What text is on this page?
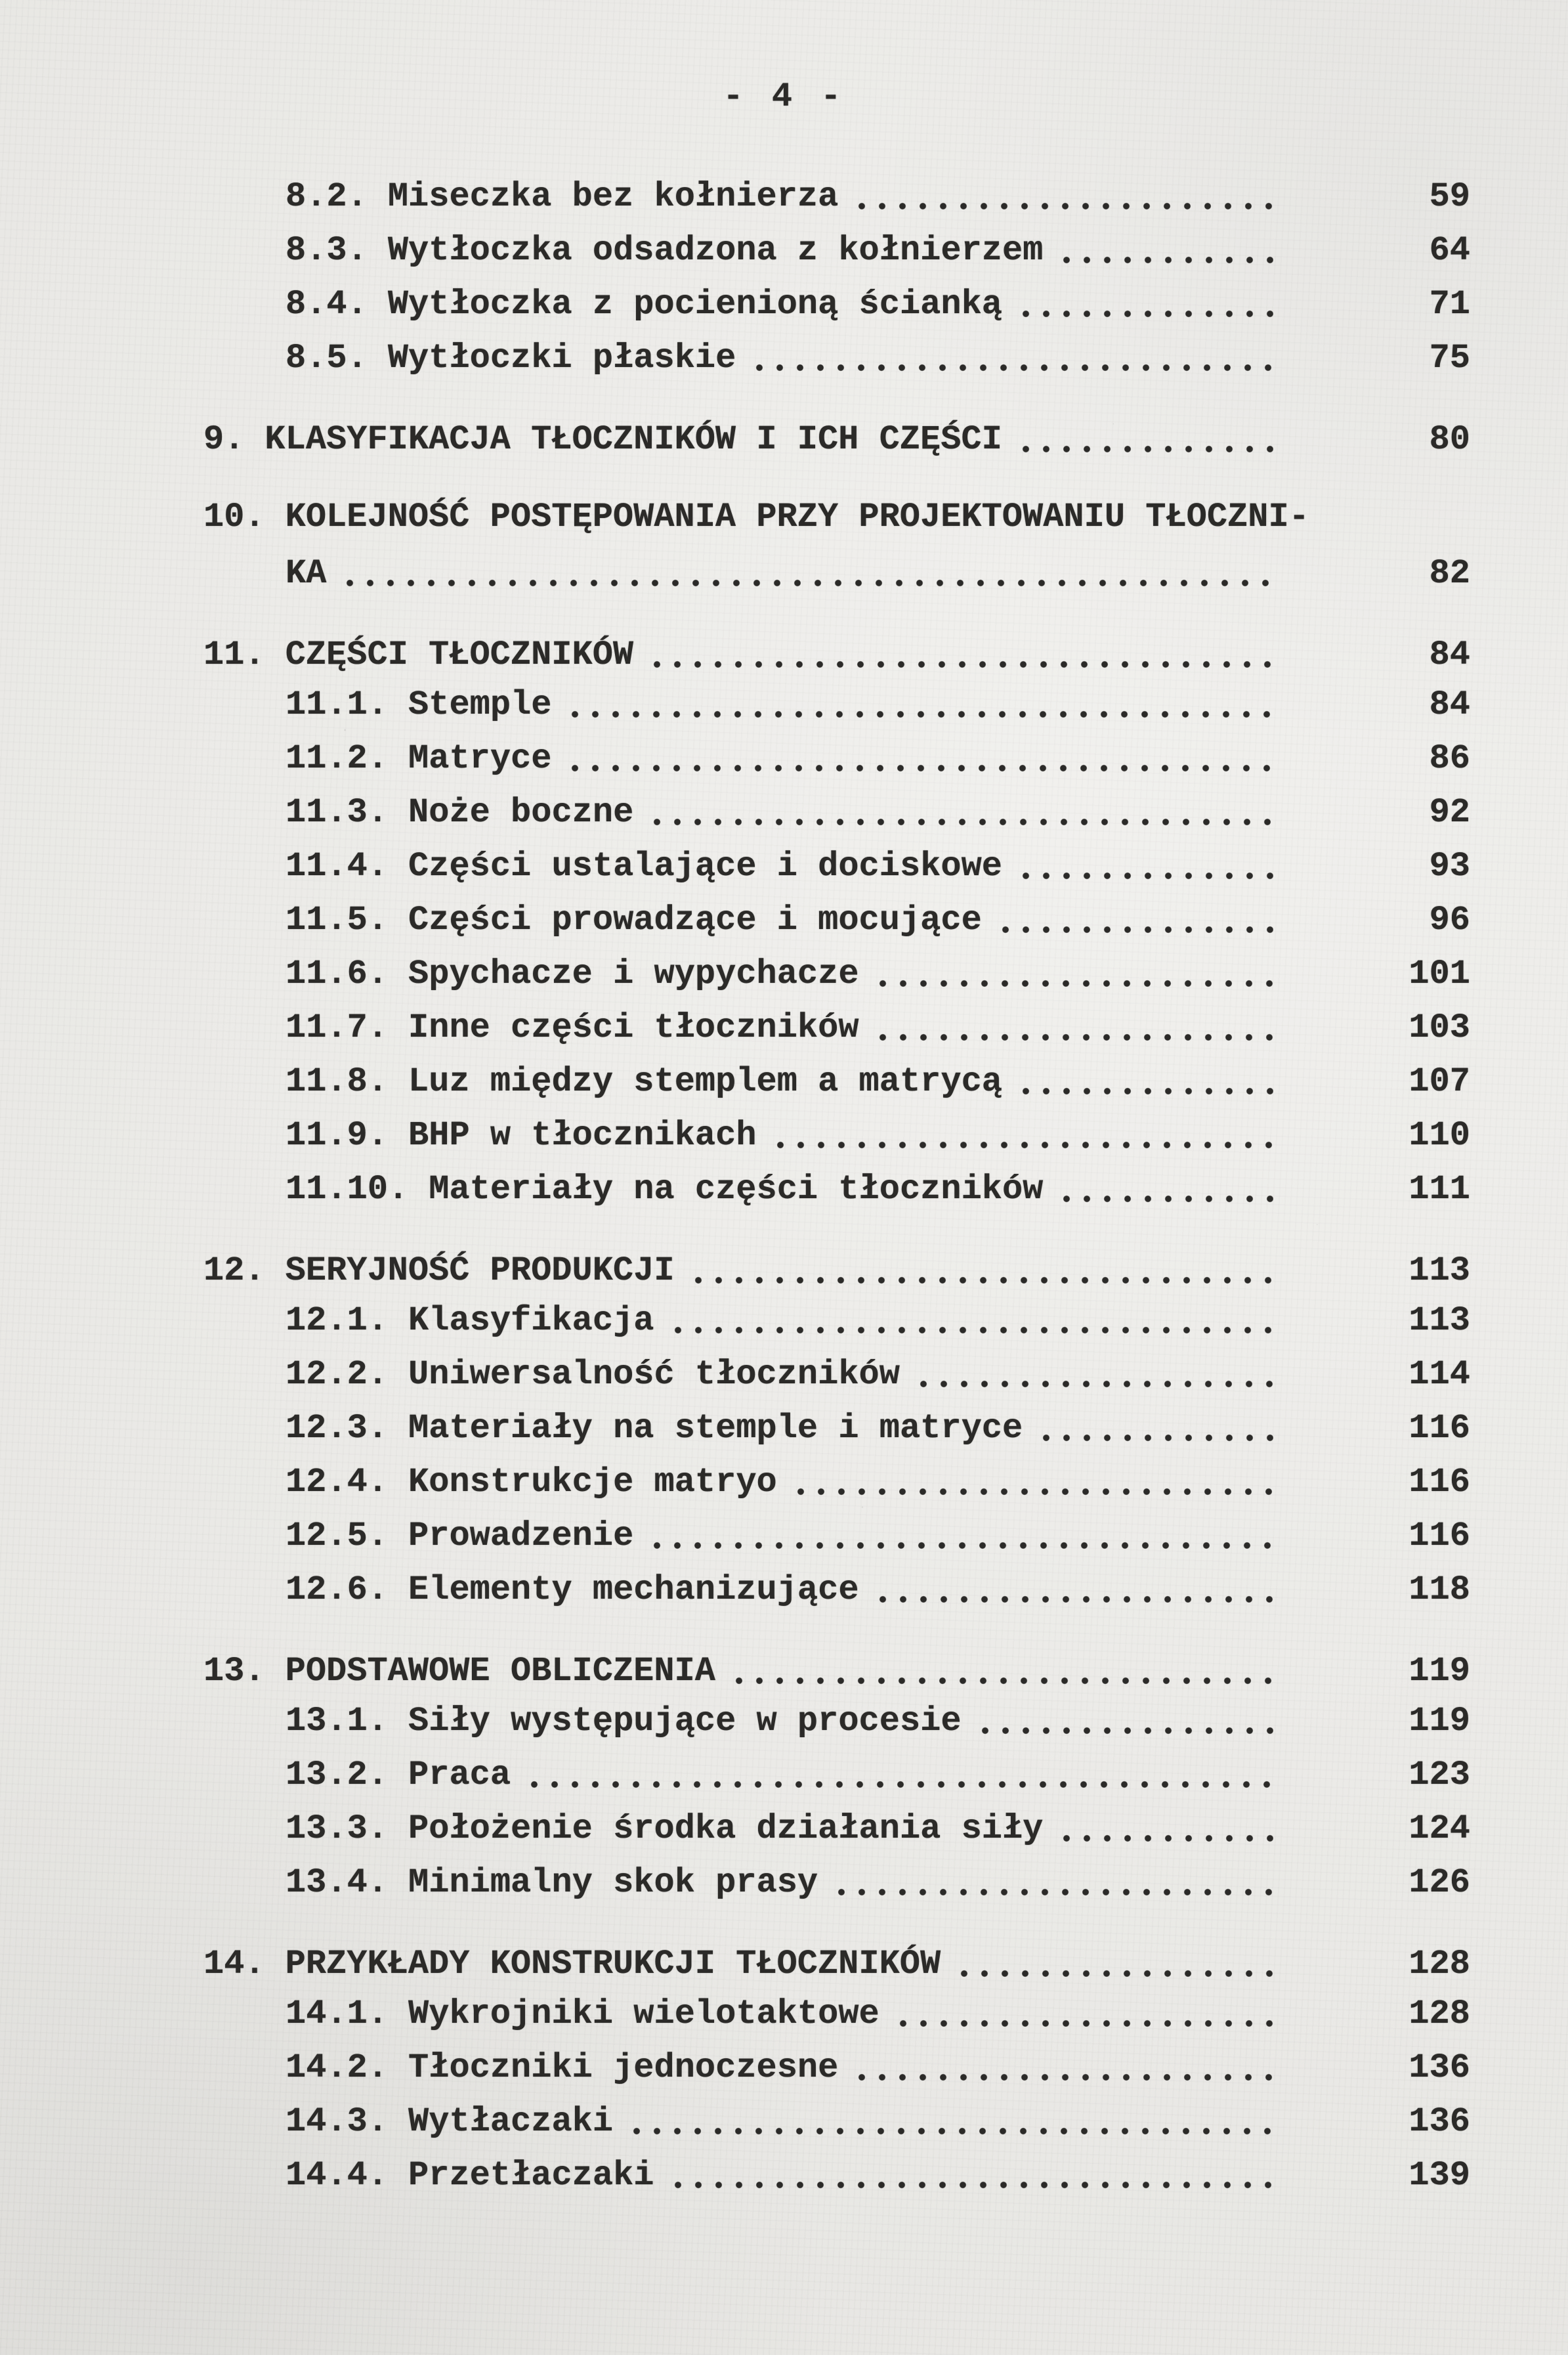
- 4 -
8.2. Miseczka bez kołnierza	59
8.3. Wytłoczka odsadzona z kołnierzem	64
8.4. Wytłoczka z pocienioną ścianką	71
8.5. Wytłoczki płaskie	75
9. KLASYFIKACJA TŁOCZNIKÓW I ICH CZĘŚCI	80
10. KOLEJNOŚĆ POSTĘPOWANIA PRZY PROJEKTOWANIU TŁOCZNI-
KA	82
11. CZĘŚCI TŁOCZNIKÓW	84
11.1. Stemple	84
11.2. Matryce	86
11.3. Noże boczne	92
11.4. Części ustalające i dociskowe	93
11.5. Części prowadzące i mocujące	96
11.6. Spychacze i wypychacze	101
11.7. Inne części tłoczników	103
11.8. Luz między stemplem a matrycą	107
11.9. BHP w tłocznikach	110
11.10. Materiały na części tłoczników	111
12. SERYJNOŚĆ PRODUKCJI	113
12.1. Klasyfikacja	113
12.2. Uniwersalność tłoczników	114
12.3. Materiały na stemple i matryce	116
12.4. Konstrukcje matryo	116
12.5. Prowadzenie	116
12.6. Elementy mechanizujące	118
13. PODSTAWOWE OBLICZENIA	119
13.1. Siły występujące w procesie	119
13.2. Praca	123
13.3. Położenie środka działania siły	124
13.4. Minimalny skok prasy	126
14. PRZYKŁADY KONSTRUKCJI TŁOCZNIKÓW	128
14.1. Wykrojniki wielotaktowe	128
14.2. Tłoczniki jednoczesne	136
14.3. Wytłaczaki	136
14.4. Przetłaczaki	139
